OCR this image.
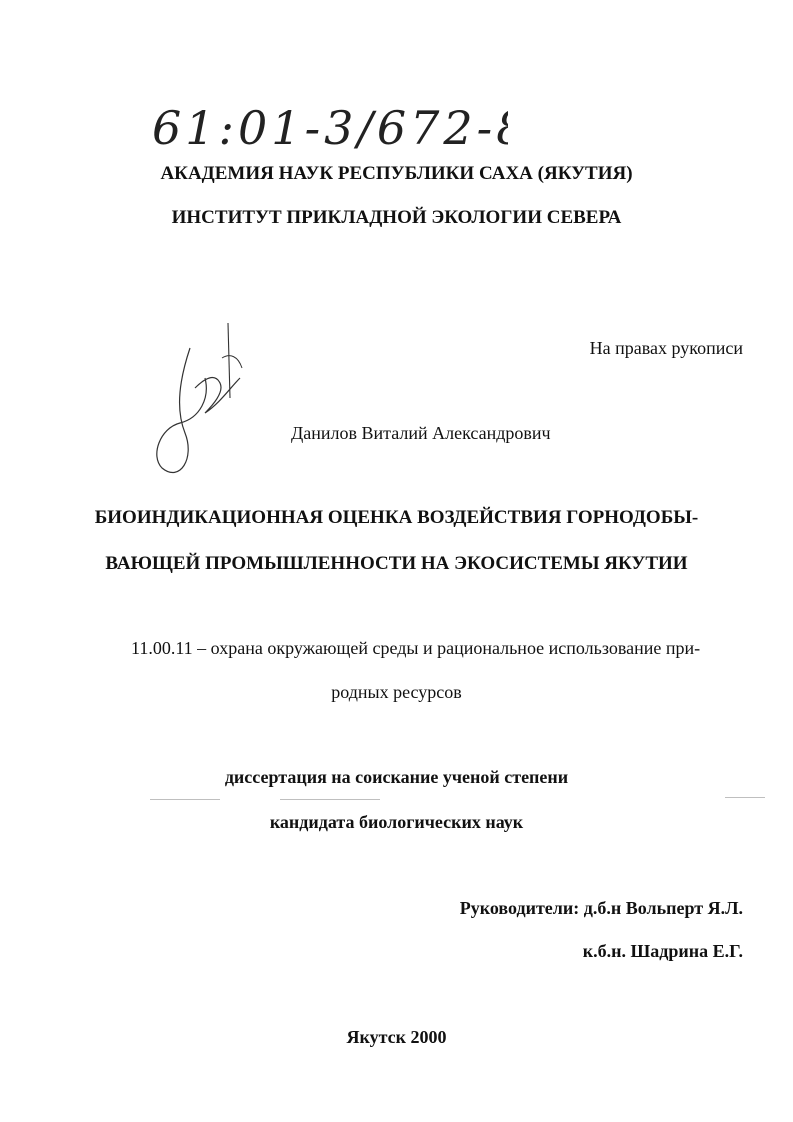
61:01-3/672-8
АКАДЕМИЯ НАУК РЕСПУБЛИКИ САХА (ЯКУТИЯ)
ИНСТИТУТ ПРИКЛАДНОЙ ЭКОЛОГИИ СЕВЕРА
На правах рукописи
Данилов Виталий Александрович
БИОИНДИКАЦИОННАЯ ОЦЕНКА ВОЗДЕЙСТВИЯ ГОРНОДОБЫ-
ВАЮЩЕЙ ПРОМЫШЛЕННОСТИ НА ЭКОСИСТЕМЫ ЯКУТИИ
11.00.11 – охрана окружающей среды и рациональное использование при-
родных ресурсов
диссертация на соискание ученой степени
кандидата биологических наук
Руководители: д.б.н Вольперт Я.Л.
к.б.н. Шадрина Е.Г.
Якутск 2000
